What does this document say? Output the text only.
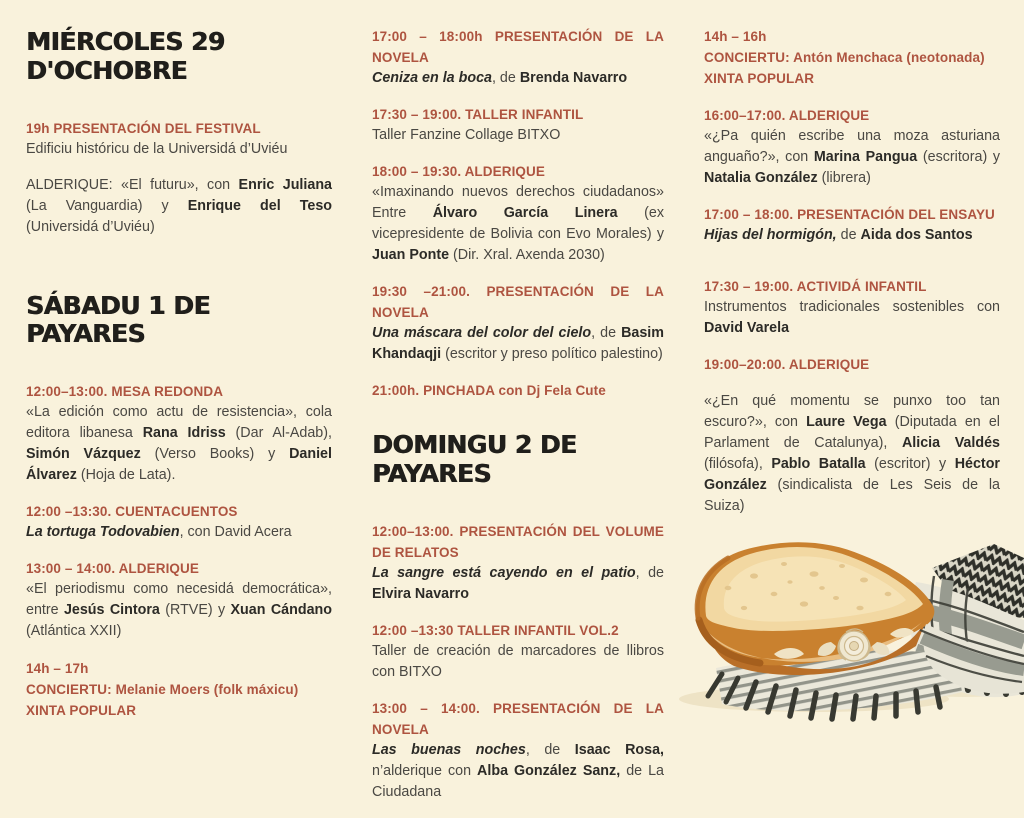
MIÉRCOLES 29 D'OCHOBRE
19h PRESENTACIÓN DEL FESTIVAL

Edificiu históricu de la Universidá d’Uviéu

ALDERIQUE: «El futuru», con Enric Juliana (La Vanguardia) y Enrique del Teso (Universidá d’Uviéu)

SÁBADU 1 DE PAYARES
12:00–13:00. MESA REDONDA

«La edición como actu de resistencia», cola editora libanesa Rana Idriss (Dar Al-Adab), Simón Vázquez (Verso Books) y Daniel Álvarez (Hoja de Lata).

12:00 –13:30. CUENTACUENTOS

La tortuga Todovabien, con David Acera

13:00 – 14:00. ALDERIQUE

«El periodismu como necesidá democrática», entre Jesús Cintora (RTVE) y Xuan Cándano (Atlántica XXII)

14h – 17h
CONCIERTU: Melanie Moers (folk máxicu)
XINTA POPULAR
17:00 – 18:00h PRESENTACIÓN DE LA NOVELA

Ceniza en la boca, de Brenda Navarro

17:30 – 19:00. TALLER INFANTIL

Taller Fanzine Collage BITXO

18:00 – 19:30. ALDERIQUE

«Imaxinando nuevos derechos ciudadanos» Entre Álvaro García Linera (ex vicepresidente de Bolivia con Evo Morales) y Juan Ponte (Dir. Xral. Axenda 2030)

19:30 –21:00. PRESENTACIÓN DE LA NOVELA

Una máscara del color del cielo, de Basim Khandaqji (escritor y preso político palestino)

21:00h. PINCHADA con Dj Fela Cute
DOMINGU 2 DE PAYARES
12:00–13:00. PRESENTACIÓN DEL VOLUME DE RELATOS

La sangre está cayendo en el patio, de Elvira Navarro

12:00 –13:30 TALLER INFANTIL VOL.2

Taller de creación de marcadores de llibros con BITXO

13:00 – 14:00. PRESENTACIÓN DE LA NOVELA

Las buenas noches, de Isaac Rosa, n’alderique con Alba González Sanz, de La Ciudadana

14h – 16h
CONCIERTU: Antón Menchaca (neotonada)
XINTA POPULAR
16:00–17:00. ALDERIQUE

«¿Pa quién escribe una moza asturiana anguaño?», con Marina Pangua (escritora) y Natalia González (librera)

17:00 – 18:00. PRESENTACIÓN DEL ENSAYU

Hijas del hormigón, de Aida dos Santos

17:30 – 19:00. ACTIVIDÁ INFANTIL

Instrumentos tradicionales sostenibles con David Varela

19:00–20:00. ALDERIQUE

«¿En qué momentu se punxo too tan escuro?», con Laure Vega (Diputada en el Parlament de Catalunya), Alicia Valdés (filósofa), Pablo Batalla (escritor) y Héctor González (sindicalista de Les Seis de la Suiza)
